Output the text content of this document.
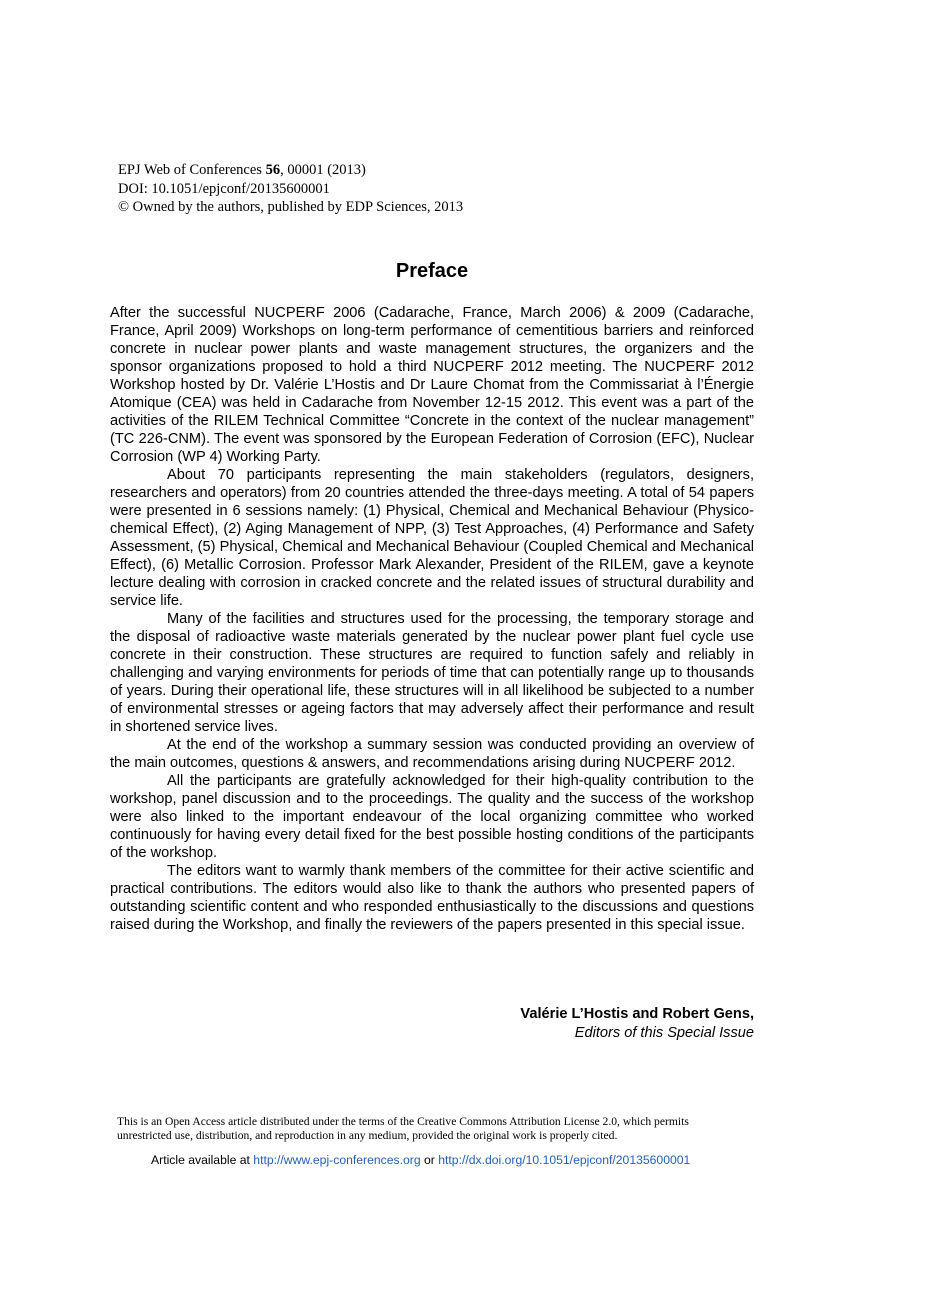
EPJ Web of Conferences 56, 00001 (2013)
DOI: 10.1051/epjconf/20135600001
© Owned by the authors, published by EDP Sciences, 2013
Preface

After the successful NUCPERF 2006 (Cadarache, France, March 2006) & 2009 (Cadarache, France, April 2009) Workshops on long-term performance of cementitious barriers and reinforced concrete in nuclear power plants and waste management structures, the organizers and the sponsor organizations proposed to hold a third NUCPERF 2012 meeting. The NUCPERF 2012 Workshop hosted by Dr. Valérie L’Hostis and Dr Laure Chomat from the Commissariat à l’Énergie Atomique (CEA) was held in Cadarache from November 12-15 2012. This event was a part of the activities of the RILEM Technical Committee “Concrete in the context of the nuclear management” (TC 226-CNM). The event was sponsored by the European Federation of Corrosion (EFC), Nuclear Corrosion (WP 4) Working Party.

About 70 participants representing the main stakeholders (regulators, designers, researchers and operators) from 20 countries attended the three-days meeting. A total of 54 papers were presented in 6 sessions namely: (1) Physical, Chemical and Mechanical Behaviour (Physico-chemical Effect), (2) Aging Management of NPP, (3) Test Approaches, (4) Performance and Safety Assessment, (5) Physical, Chemical and Mechanical Behaviour (Coupled Chemical and Mechanical Effect), (6) Metallic Corrosion. Professor Mark Alexander, President of the RILEM, gave a keynote lecture dealing with corrosion in cracked concrete and the related issues of structural durability and service life.

Many of the facilities and structures used for the processing, the temporary storage and the disposal of radioactive waste materials generated by the nuclear power plant fuel cycle use concrete in their construction. These structures are required to function safely and reliably in challenging and varying environments for periods of time that can potentially range up to thousands of years. During their operational life, these structures will in all likelihood be subjected to a number of environmental stresses or ageing factors that may adversely affect their performance and result in shortened service lives.

At the end of the workshop a summary session was conducted providing an overview of the main outcomes, questions & answers, and recommendations arising during NUCPERF 2012.

All the participants are gratefully acknowledged for their high-quality contribution to the workshop, panel discussion and to the proceedings. The quality and the success of the workshop were also linked to the important endeavour of the local organizing committee who worked continuously for having every detail fixed for the best possible hosting conditions of the participants of the workshop.

The editors want to warmly thank members of the committee for their active scientific and practical contributions. The editors would also like to thank the authors who presented papers of outstanding scientific content and who responded enthusiastically to the discussions and questions raised during the Workshop, and finally the reviewers of the papers presented in this special issue.

Valérie L’Hostis and Robert Gens,
Editors of this Special Issue
This is an Open Access article distributed under the terms of the Creative Commons Attribution License 2.0, which permits
unrestricted use, distribution, and reproduction in any medium, provided the original work is properly cited.
Article available at http://www.epj-conferences.org or http://dx.doi.org/10.1051/epjconf/20135600001
